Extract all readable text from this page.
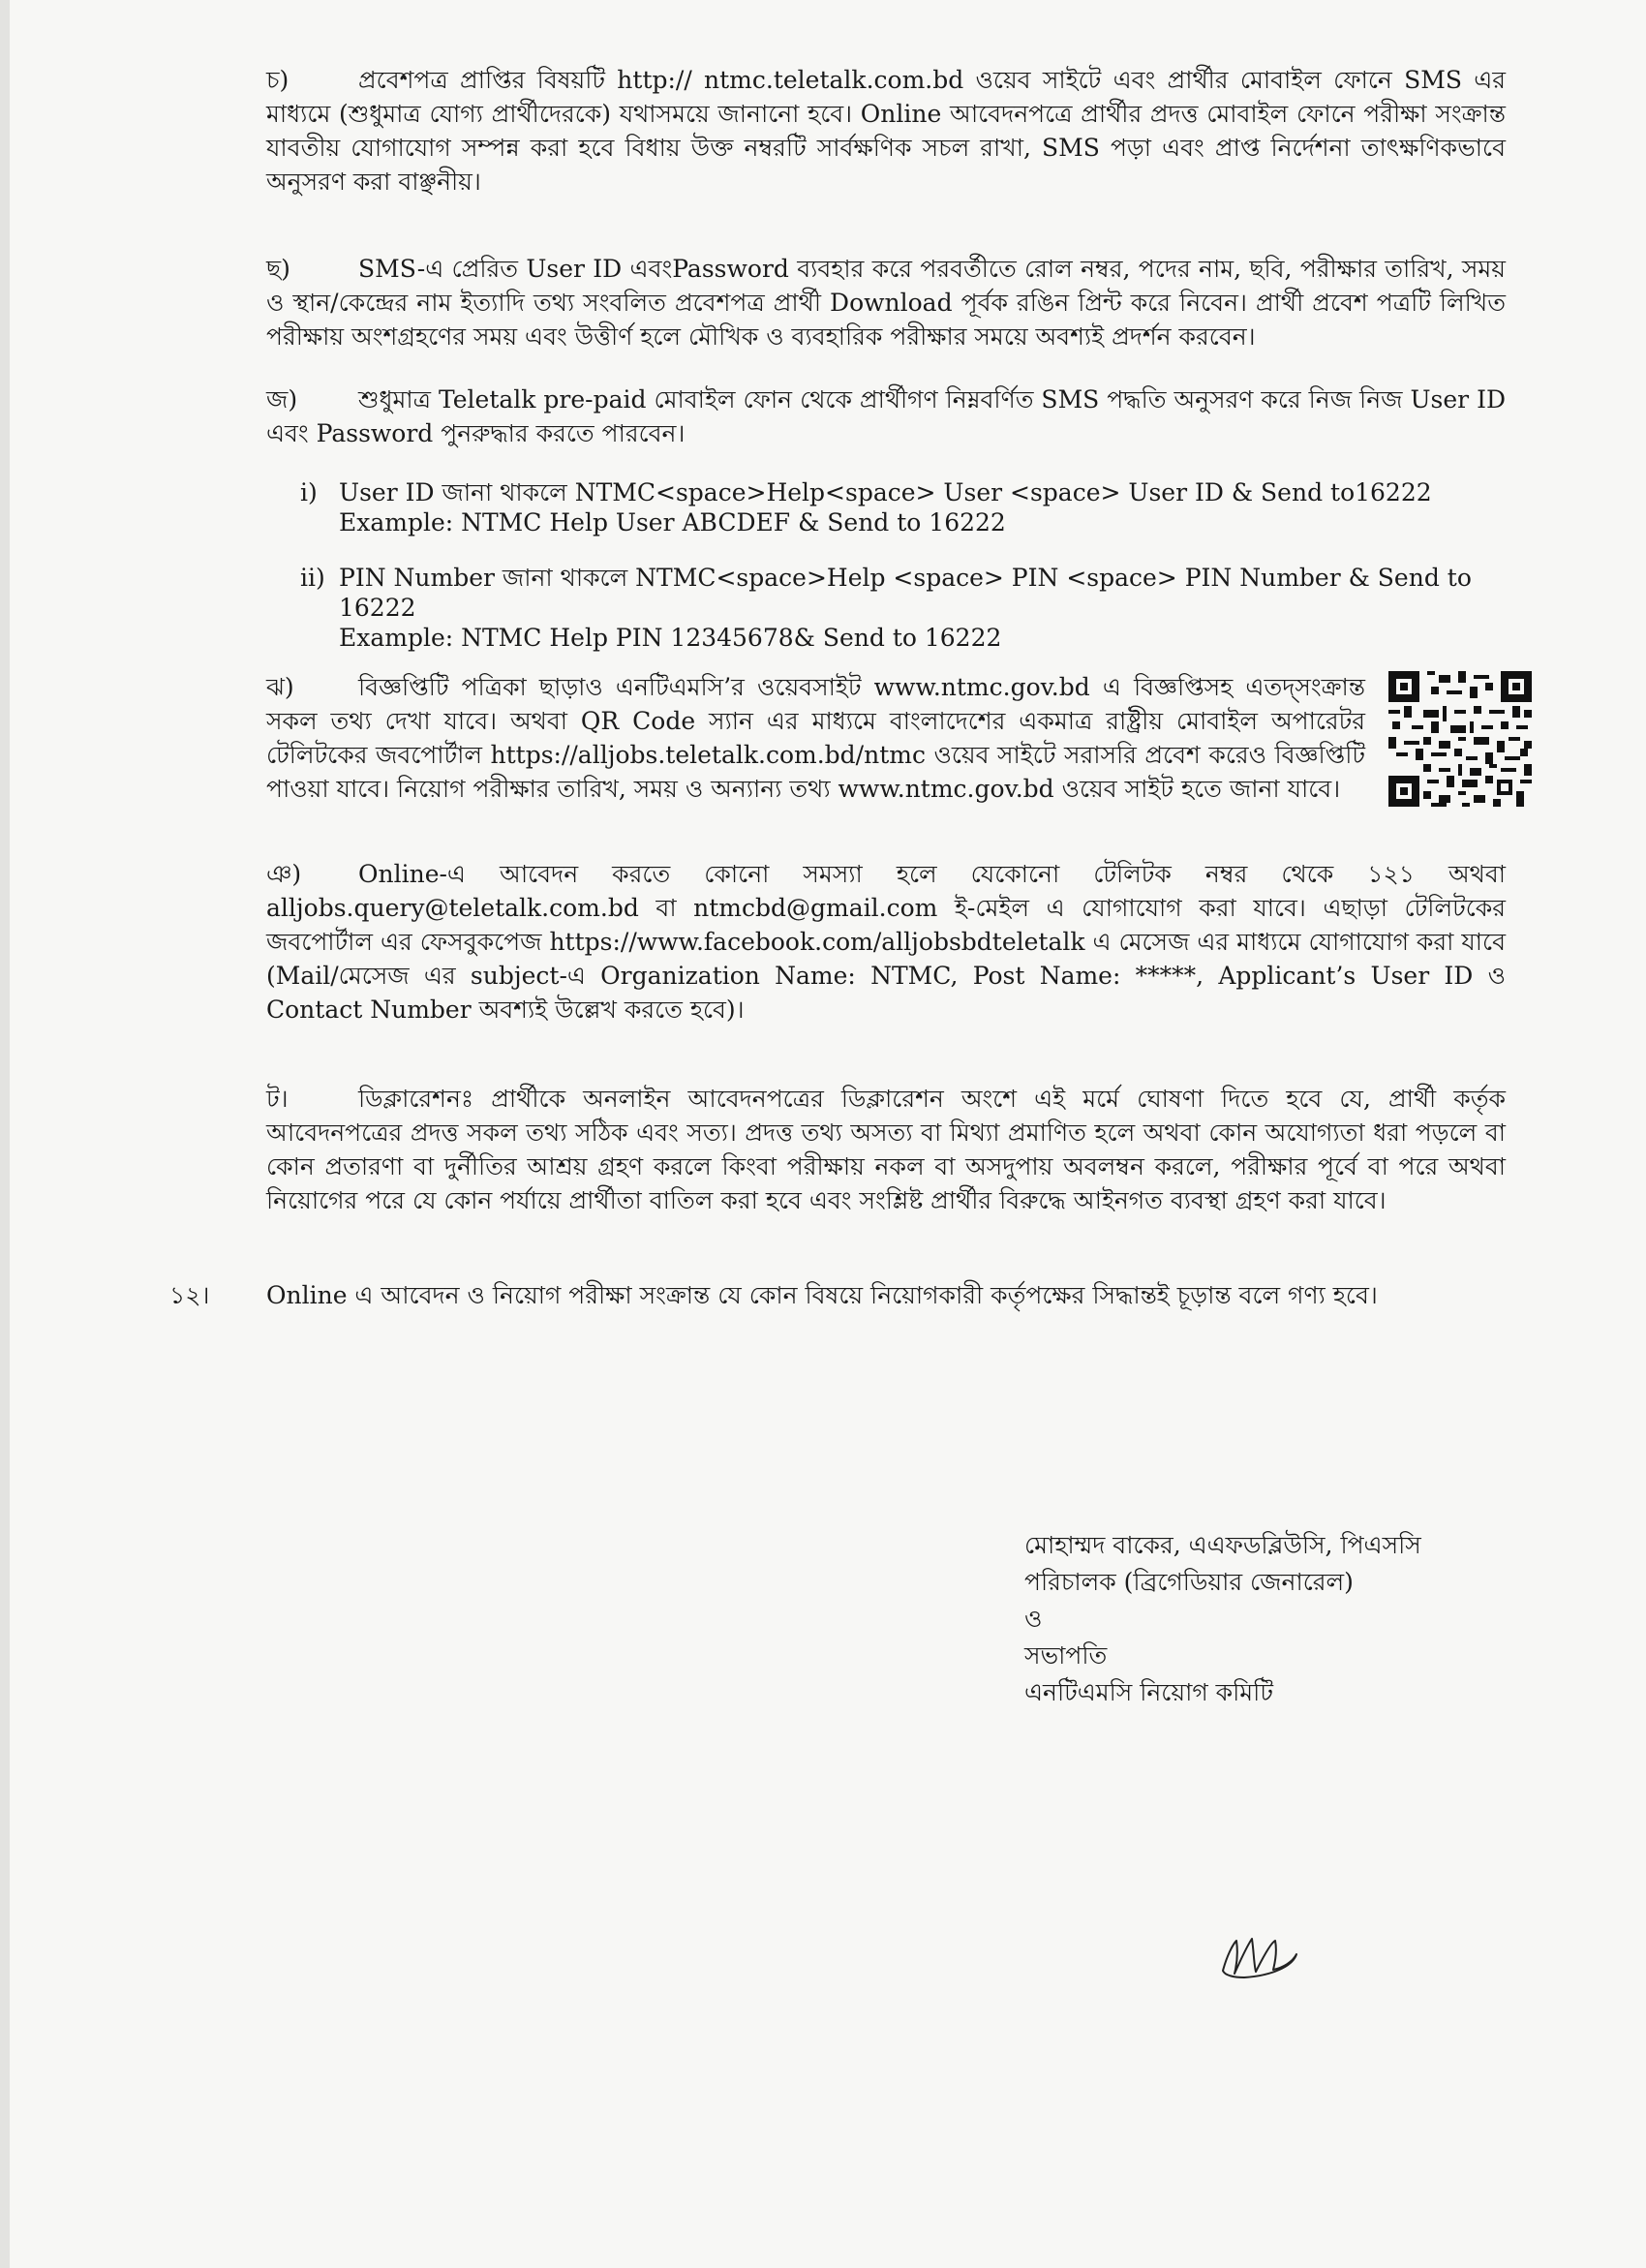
চ)	প্রবেশপত্র প্রাপ্তির বিষয়টি http:// ntmc.teletalk.com.bd ওয়েব সাইটে এবং প্রার্থীর মোবাইল ফোনে SMS এর মাধ্যমে (শুধুমাত্র যোগ্য প্রার্থীদেরকে) যথাসময়ে জানানো হবে। Online আবেদনপত্রে প্রার্থীর প্রদত্ত মোবাইল ফোনে পরীক্ষা সংক্রান্ত যাবতীয় যোগাযোগ সম্পন্ন করা হবে বিধায় উক্ত নম্বরটি সার্বক্ষণিক সচল রাখা, SMS পড়া এবং প্রাপ্ত নির্দেশনা তাৎক্ষণিকভাবে অনুসরণ করা বাঞ্ছনীয়।
ছ)	SMS-এ প্রেরিত User ID এবংPassword ব্যবহার করে পরবর্তীতে রোল নম্বর, পদের নাম, ছবি, পরীক্ষার তারিখ, সময় ও স্থান/কেন্দ্রের নাম ইত্যাদি তথ্য সংবলিত প্রবেশপত্র প্রার্থী Download পূর্বক রঙিন প্রিন্ট করে নিবেন। প্রার্থী প্রবেশ পত্রটি লিখিত পরীক্ষায় অংশগ্রহণের সময় এবং উত্তীর্ণ হলে মৌখিক ও ব্যবহারিক পরীক্ষার সময়ে অবশ্যই প্রদর্শন করবেন।
জ)	শুধুমাত্র Teletalk pre-paid মোবাইল ফোন থেকে প্রার্থীগণ নিম্নবর্ণিত SMS পদ্ধতি অনুসরণ করে নিজ নিজ User ID এবং Password পুনরুদ্ধার করতে পারবেন।
i) User ID জানা থাকলে NTMC<space>Help<space> User <space> User ID & Send to16222
Example: NTMC Help User ABCDEF & Send to 16222
ii) PIN Number জানা থাকলে NTMC<space>Help <space> PIN <space> PIN Number & Send to 16222
Example: NTMC Help PIN 12345678& Send to 16222
ঝ)	বিজ্ঞপ্তিটি পত্রিকা ছাড়াও এনটিএমসি’র ওয়েবসাইট www.ntmc.gov.bd এ বিজ্ঞপ্তিসহ এতদ্‌সংক্রান্ত সকল তথ্য দেখা যাবে। অথবা QR Code স্যান এর মাধ্যমে বাংলাদেশের একমাত্র রাষ্ট্রীয় মোবাইল অপারেটর টেলিটকের জবপোর্টাল https://alljobs.teletalk.com.bd/ntmc ওয়েব সাইটে সরাসরি প্রবেশ করেও বিজ্ঞপ্তিটি পাওয়া যাবে। নিয়োগ পরীক্ষার তারিখ, সময় ও অন্যান্য তথ্য www.ntmc.gov.bd ওয়েব সাইট হতে জানা যাবে।
ঞ) Online-এ আবেদন করতে কোনো সমস্যা হলে যেকোনো টেলিটক নম্বর থেকে ১২১ অথবা alljobs.query@teletalk.com.bd বা ntmcbd@gmail.com ই-মেইল এ যোগাযোগ করা যাবে। এছাড়া টেলিটকের জবপোর্টাল এর ফেসবুকপেজ https://www.facebook.com/alljobsbdteletalk এ মেসেজ এর মাধ্যমে যোগাযোগ করা যাবে (Mail/মেসেজ এর subject-এ Organization Name: NTMC, Post Name: *****, Applicant’s User ID ও Contact Number অবশ্যই উল্লেখ করতে হবে)।
ট।	ডিক্লারেশনঃ প্রার্থীকে অনলাইন আবেদনপত্রের ডিক্লারেশন অংশে এই মর্মে ঘোষণা দিতে হবে যে, প্রার্থী কর্তৃক আবেদনপত্রের প্রদত্ত সকল তথ্য সঠিক এবং সত্য। প্রদত্ত তথ্য অসত্য বা মিথ্যা প্রমাণিত হলে অথবা কোন অযোগ্যতা ধরা পড়লে বা কোন প্রতারণা বা দুর্নীতির আশ্রয় গ্রহণ করলে কিংবা পরীক্ষায় নকল বা অসদুপায় অবলম্বন করলে, পরীক্ষার পূর্বে বা পরে অথবা নিয়োগের পরে যে কোন পর্যায়ে প্রার্থীতা বাতিল করা হবে এবং সংশ্লিষ্ট প্রার্থীর বিরুদ্ধে আইনগত ব্যবস্থা গ্রহণ করা যাবে।
১২। Online এ আবেদন ও নিয়োগ পরীক্ষা সংক্রান্ত যে কোন বিষয়ে নিয়োগকারী কর্তৃপক্ষের সিদ্ধান্তই চূড়ান্ত বলে গণ্য হবে।
মোহাম্মদ বাকের, এএফডব্লিউসি, পিএসসি
পরিচালক (ব্রিগেডিয়ার জেনারেল)
ও
সভাপতি
এনটিএমসি নিয়োগ কমিটি
